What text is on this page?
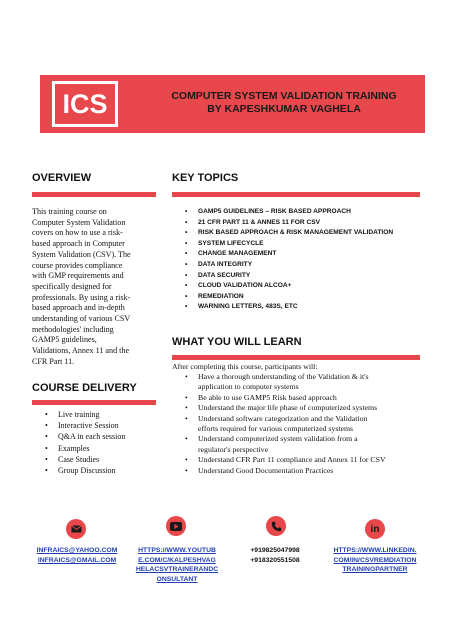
ICS	COMPUTER SYSTEM VALIDATION TRAINING
BY KAPESHKUMAR VAGHELA
OVERVIEW
This training course on
Computer System Validation
covers on how to use a risk-
based approach in Computer
System Validation (CSV). The
course provides compliance
with GMP requirements and
specifically designed for
professionals. By using a risk-
based approach and in-depth
understanding of various CSV
methodologies' including
GAMP5 guidelines,
Validations, Annex 11 and the
CFR Part 11.
KEY TOPICS
• GAMP5 GUIDELINES – RISK BASED APPROACH
• 21 CFR PART 11 & ANNES 11 FOR CSV
• RISK BASED APPROACH & RISK MANAGEMENT VALIDATION
• SYSTEM LIFECYCLE
• CHANGE MANAGEMENT
• DATA INTEGRITY
• DATA SECURITY
• CLOUD VALIDATION ALCOA+
• REMEDIATION
• WARNING LETTERS, 483S, ETC
WHAT YOU WILL LEARN
After completing this course, participants will:
• Have a thorough understanding of the Validation & it's
application to computer systems
• Be able to use GAMP5 Risk based approach
• Understand the major life phase of computerized systems
• Understand software categorization and the Validation
efforts required for various computerized systems
• Understand computerized system validation from a
regulator's perspective
• Understand CFR Part 11 compliance and Annex 11 for CSV
• Understand Good Documentation Practices
COURSE DELIVERY
• Live training
• Interactive Session
• Q&A in each session
• Examples
• Case Studies
• Group Discussion
in
INFRAICS@YAHOO.COM
INFRAICS@GMAIL.COM
HTTPS://WWW.YOUTUB
E.COM/C/KALPESHVAG
HELACSVTRAINERANDC
ONSULTANT
+919825047998
+918320551508
HTTPS://WWW.LINKEDIN.
COM/IN/CSVREMDIATION
TRAININGPARTNER
